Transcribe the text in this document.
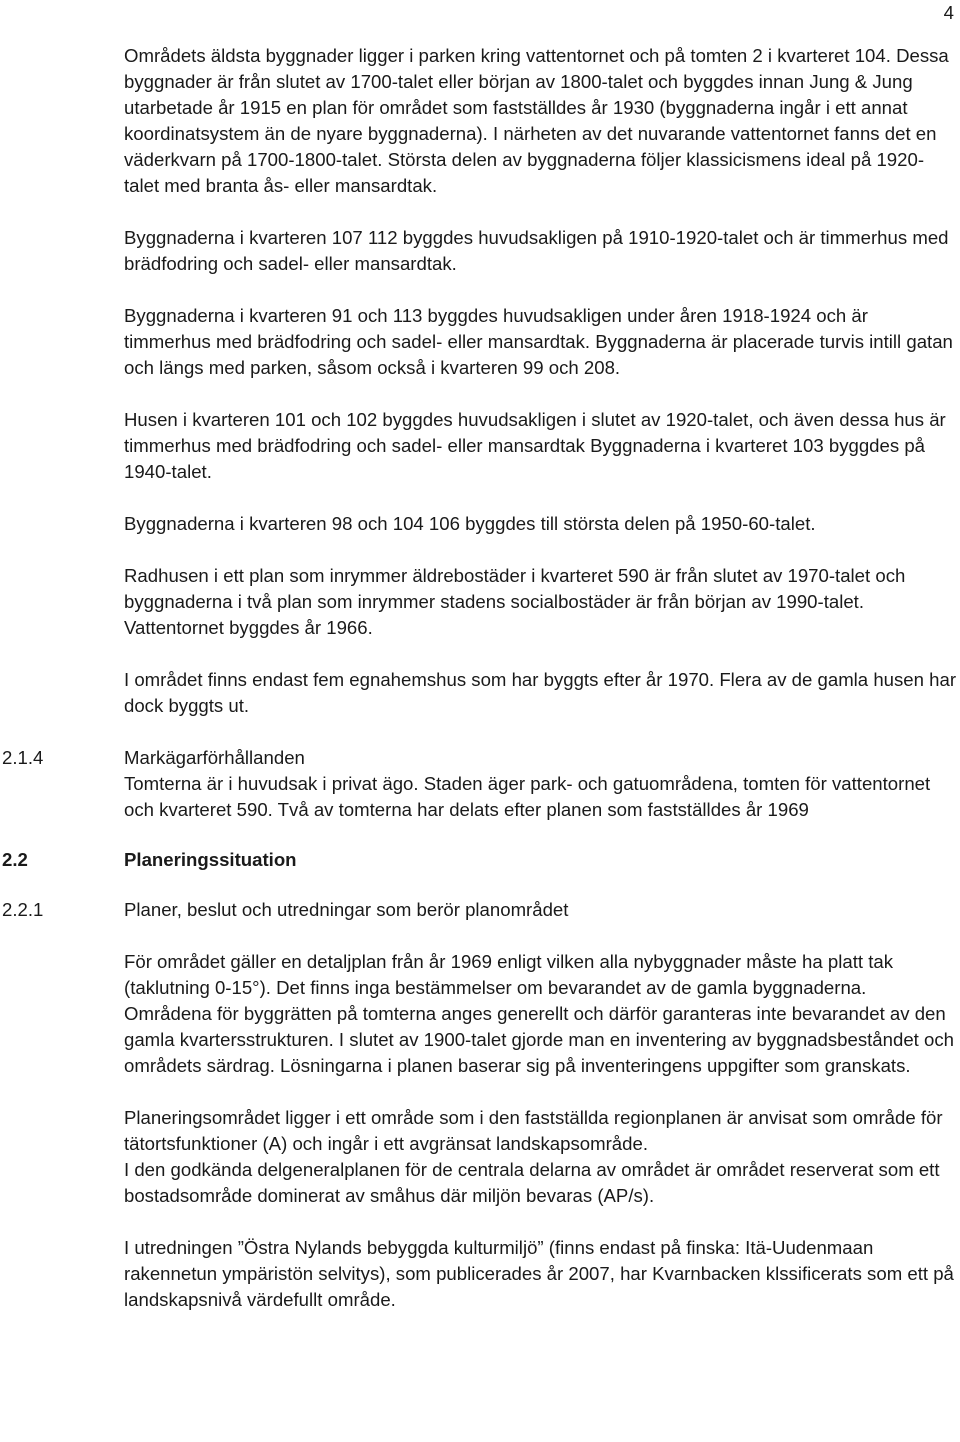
4

Områdets äldsta byggnader ligger i parken kring vattentornet och på tomten 2 i kvarteret 104. Dessa byggnader är från slutet av 1700-talet eller början av 1800-talet och byggdes innan Jung & Jung utarbetade år 1915 en plan för området som fastställdes år 1930 (byggnaderna ingår i ett annat koordinatsystem än de nyare byggnaderna). I närheten av det nuvarande vattentornet fanns det en väderkvarn på 1700-1800-talet. Största delen av byggnaderna följer klassicismens ideal på 1920-talet med branta ås- eller mansardtak.

Byggnaderna i kvarteren 107 112 byggdes huvudsakligen på 1910-1920-talet och är timmerhus med brädfodring och sadel- eller mansardtak.

Byggnaderna i kvarteren 91 och 113 byggdes huvudsakligen under åren 1918-1924 och är timmerhus med brädfodring och sadel- eller mansardtak. Byggnaderna är placerade turvis intill gatan och längs med parken, såsom också i kvarteren 99 och 208.

Husen i kvarteren 101 och 102 byggdes huvudsakligen i slutet av 1920-talet, och även dessa hus är timmerhus med brädfodring och sadel- eller mansardtak Byggnaderna i kvarteret 103 byggdes på 1940-talet.

Byggnaderna i kvarteren 98 och 104 106 byggdes till största delen på 1950-60-talet.

Radhusen i ett plan som inrymmer äldrebostäder i kvarteret 590 är från slutet av 1970-talet och byggnaderna i två plan som inrymmer stadens socialbostäder är från början av 1990-talet. Vattentornet byggdes år 1966.

I området finns endast fem egnahemshus som har byggts efter år 1970. Flera av de gamla husen har dock byggts ut.

2.1.4	Markägarförhållanden

Tomterna är i huvudsak i privat ägo. Staden äger park- och gatuområdena, tomten för vattentornet och kvarteret 590. Två av tomterna har delats efter planen som fastställdes år 1969

2.2	Planeringssituation

2.2.1	Planer, beslut och utredningar som berör planområdet

För området gäller en detaljplan från år 1969 enligt vilken alla nybyggnader måste ha platt tak (taklutning 0-15°). Det finns inga bestämmelser om bevarandet av de gamla byggnaderna. Områdena för byggrätten på tomterna anges generellt och därför garanteras inte bevarandet av den gamla kvartersstrukturen. I slutet av 1900-talet gjorde man en inventering av byggnadsbeståndet och områdets särdrag. Lösningarna i planen baserar sig på inventeringens uppgifter som granskats.

Planeringsområdet ligger i ett område som i den fastställda regionplanen är anvisat som område för tätortsfunktioner (A) och ingår i ett avgränsat landskapsområde.

I den godkända delgeneralplanen för de centrala delarna av området är området reserverat som ett bostadsområde dominerat av småhus där miljön bevaras (AP/s).

I utredningen ”Östra Nylands bebyggda kulturmiljö” (finns endast på finska: Itä-Uudenmaan rakennetun ympäristön selvitys), som publicerades år 2007, har Kvarnbacken klssificerats som ett på landskapsnivå värdefullt område.
